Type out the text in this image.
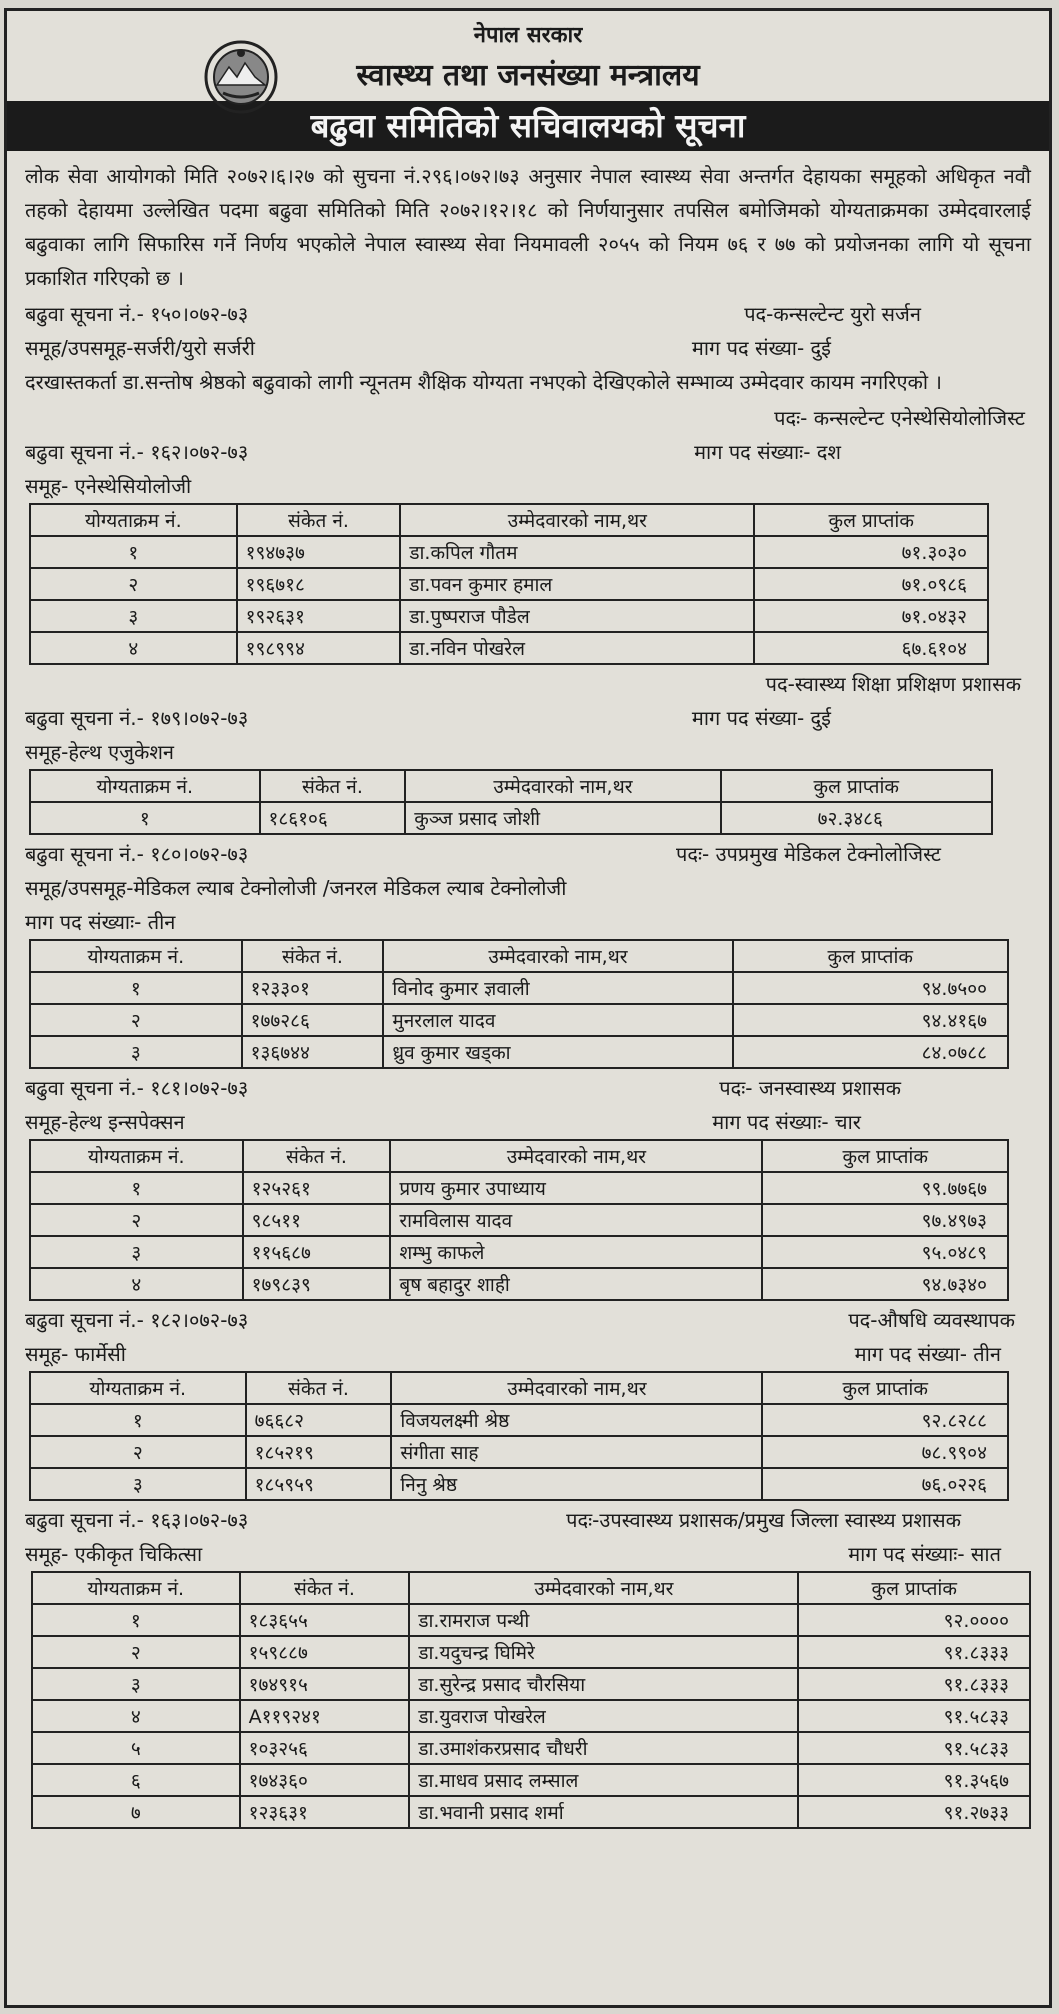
नेपाल सरकार
स्वास्थ्य तथा जनसंख्या मन्त्रालय
बढुवा समितिको सचिवालयको सूचना
लोक सेवा आयोगको मिति २०७२।६।२७ को सुचना नं.२९६।०७२।७३ अनुसार नेपाल स्वास्थ्य सेवा अन्तर्गत देहायका समूहको अधिकृत नवौ तहको देहायमा उल्लेखित पदमा बढुवा समितिको मिति २०७२।१२।१८ को निर्णयानुसार तपसिल बमोजिमको योग्यताक्रमका उम्मेदवारलाई बढुवाका लागि सिफारिस गर्ने निर्णय भएकोले नेपाल स्वास्थ्य सेवा नियमावली २०५५ को नियम ७६ र ७७ को प्रयोजनका लागि यो सूचना प्रकाशित गरिएको छ ।
बढुवा सूचना नं.- १५०।०७२-७३	पद-कन्सल्टेन्ट युरो सर्जन
समूह/उपसमूह-सर्जरी/युरो सर्जरी	माग पद संख्या- दुई
दरखास्तकर्ता डा.सन्तोष श्रेष्ठको बढुवाको लागी न्यूनतम शैक्षिक योग्यता नभएको देखिएकोले सम्भाव्य उम्मेदवार कायम नगरिएको ।
पदः- कन्सल्टेन्ट एनेस्थेसियोलोजिस्ट
बढुवा सूचना नं.- १६२।०७२-७३	माग पद संख्याः- दश
समूह- एनेस्थेसियोलोजी
योग्यताक्रम नं.	संकेत नं.	उम्मेदवारको नाम,थर	कुल प्राप्तांक
१	१९४७३७	डा.कपिल गौतम	७१.३०३०
२	१९६७१८	डा.पवन कुमार हमाल	७१.०९८६
३	१९२६३१	डा.पुष्पराज पौडेल	७१.०४३२
४	१९८९९४	डा.नविन पोखरेल	६७.६१०४
पद-स्वास्थ्य शिक्षा प्रशिक्षण प्रशासक
बढुवा सूचना नं.- १७९।०७२-७३	माग पद संख्या- दुई
समूह-हेल्थ एजुकेशन
योग्यताक्रम नं.	संकेत नं.	उम्मेदवारको नाम,थर	कुल प्राप्तांक
१	१८६१०६	कुञ्ज प्रसाद जोशी	७२.३४८६
बढुवा सूचना नं.- १८०।०७२-७३	पदः- उपप्रमुख मेडिकल टेक्नोलोजिस्ट
समूह/उपसमूह-मेडिकल ल्याब टेक्नोलोजी /जनरल मेडिकल ल्याब टेक्नोलोजी
माग पद संख्याः- तीन
योग्यताक्रम नं.	संकेत नं.	उम्मेदवारको नाम,थर	कुल प्राप्तांक
१	१२३३०१	विनोद कुमार ज्ञवाली	९४.७५००
२	१७७२८६	मुनरलाल यादव	९४.४१६७
३	१३६७४४	ध्रुव कुमार खड्का	८४.०७८८
बढुवा सूचना नं.- १८१।०७२-७३	पदः- जनस्वास्थ्य प्रशासक
समूह-हेल्थ इन्सपेक्सन	माग पद संख्याः- चार
योग्यताक्रम नं.	संकेत नं.	उम्मेदवारको नाम,थर	कुल प्राप्तांक
१	१२५२६१	प्रणय कुमार उपाध्याय	९९.७७६७
२	९८५११	रामविलास यादव	९७.४९७३
३	११५६८७	शम्भु काफले	९५.०४८९
४	१७९८३९	बृष बहादुर शाही	९४.७३४०
बढुवा सूचना नं.- १८२।०७२-७३	पद-औषधि व्यवस्थापक
समूह- फार्मेसी	माग पद संख्या- तीन
योग्यताक्रम नं.	संकेत नं.	उम्मेदवारको नाम,थर	कुल प्राप्तांक
१	७६६८२	विजयलक्ष्मी श्रेष्ठ	९२.८२८८
२	१८५२१९	संगीता साह	७८.९९०४
३	१८५९५९	निनु श्रेष्ठ	७६.०२२६
बढुवा सूचना नं.- १६३।०७२-७३	पदः-उपस्वास्थ्य प्रशासक/प्रमुख जिल्ला स्वास्थ्य प्रशासक
समूह- एकीकृत चिकित्सा	माग पद संख्याः- सात
योग्यताक्रम नं.	संकेत नं.	उम्मेदवारको नाम,थर	कुल प्राप्तांक
१	१८३६५५	डा.रामराज पन्थी	९२.००००
२	१५९८८७	डा.यदुचन्द्र घिमिरे	९१.८३३३
३	१७४९१५	डा.सुरेन्द्र प्रसाद चौरसिया	९१.८३३३
४	A११९२४१	डा.युवराज पोखरेल	९१.५८३३
५	१०३२५६	डा.उमाशंकरप्रसाद चौधरी	९१.५८३३
६	१७४३६०	डा.माधव प्रसाद लम्साल	९१.३५६७
७	१२३६३१	डा.भवानी प्रसाद शर्मा	९१.२७३३
